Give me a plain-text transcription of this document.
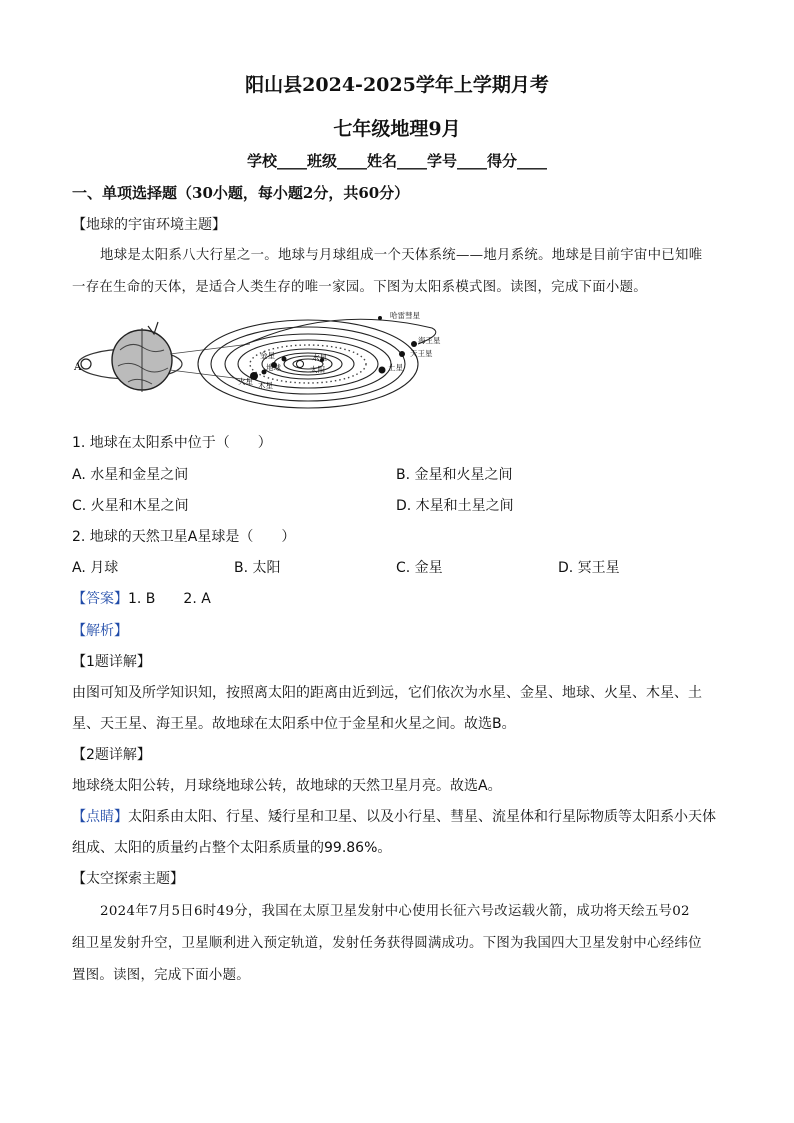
阳山县2024-2025学年上学期月考
七年级地理9月
学校____班级____姓名____学号____得分____
一、单项选择题（30小题，每小题2分，共60分）
【地球的宇宙环境主题】
地球是太阳系八大行星之一。地球与月球组成一个天体系统——地月系统。地球是目前宇宙中已知唯
一存在生命的天体，是适合人类生存的唯一家园。下图为太阳系模式图。读图，完成下面小题。
A
哈雷彗星
海王星
天王星
土星
水星
太阳
金星
火星 木星
地球
1. 地球在太阳系中位于（　　）
A. 水星和金星之间	B. 金星和火星之间
C. 火星和木星之间	D. 木星和土星之间
2. 地球的天然卫星A星球是（　　）
A. 月球	B. 太阳	C. 金星	D. 冥王星
【答案】1. B　　2. A
【解析】
【1题详解】
由图可知及所学知识知，按照离太阳的距离由近到远，它们依次为水星、金星、地球、火星、木星、土
星、天王星、海王星。故地球在太阳系中位于金星和火星之间。故选B。
【2题详解】
地球绕太阳公转，月球绕地球公转，故地球的天然卫星月亮。故选A。
【点睛】太阳系由太阳、行星、矮行星和卫星、以及小行星、彗星、流星体和行星际物质等太阳系小天体
组成、太阳的质量约占整个太阳系质量的99.86%。
【太空探索主题】
2024年7月5日6时49分，我国在太原卫星发射中心使用长征六号改运载火箭，成功将天绘五号02
组卫星发射升空，卫星顺利进入预定轨道，发射任务获得圆满成功。下图为我国四大卫星发射中心经纬位
置图。读图，完成下面小题。
